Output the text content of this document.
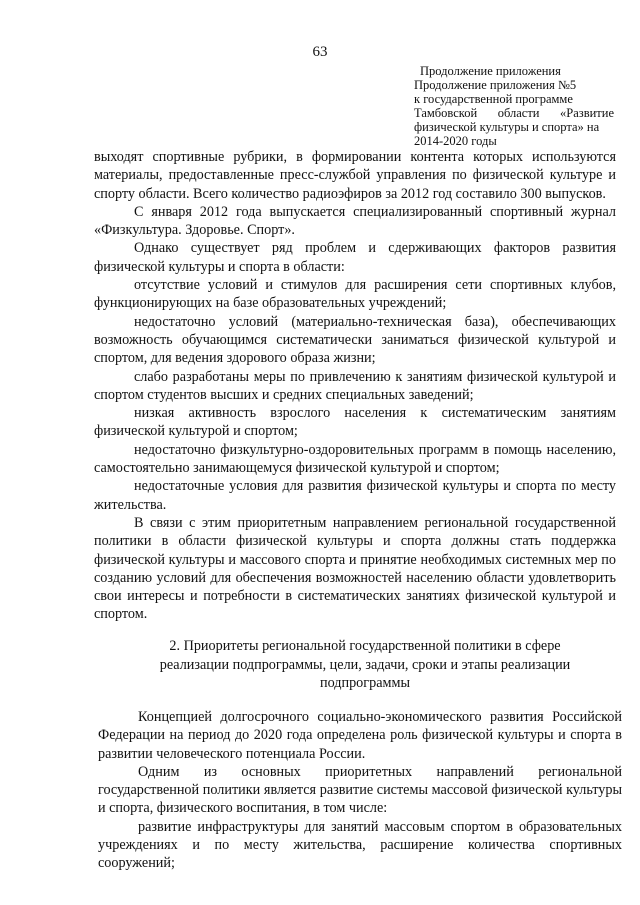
63
Продолжение приложения
Продолжение приложения №5
к государственной программе
Тамбовской области «Развитие
физической культуры и спорта» на
2014-2020 годы

выходят спортивные рубрики, в формировании контента которых используются материалы, предоставленные пресс-службой управления по физической культуре и спорту области. Всего количество радиоэфиров за 2012 год составило 300 выпусков.

С января 2012 года выпускается специализированный спортивный журнал «Физкультура. Здоровье. Спорт».

Однако существует ряд проблем и сдерживающих факторов развития физической культуры и спорта в области:

отсутствие условий и стимулов для расширения сети спортивных клубов, функционирующих на базе образовательных учреждений;

недостаточно условий (материально-техническая база), обеспечивающих возможность обучающимся систематически заниматься физической культурой и спортом, для ведения здорового образа жизни;

слабо разработаны меры по привлечению к занятиям физической культурой и спортом студентов высших и средних специальных заведений;

низкая активность взрослого населения к систематическим занятиям физической культурой и спортом;

недостаточно физкультурно-оздоровительных программ в помощь населению, самостоятельно занимающемуся физической культурой и спортом;

недостаточные условия для развития физической культуры и спорта по месту жительства.

В связи с этим приоритетным направлением региональной государственной политики в области физической культуры и спорта должны стать поддержка физической культуры и массового спорта и принятие необходимых системных мер по созданию условий для обеспечения возможностей населению области удовлетворить свои интересы и потребности в систематических занятиях физической культурой и спортом.

2. Приоритеты региональной государственной политики в сфере
реализации подпрограммы, цели, задачи, сроки и этапы реализации
подпрограммы

Концепцией долгосрочного социально-экономического развития Российской Федерации на период до 2020 года определена роль физической культуры и спорта в развитии человеческого потенциала России.

Одним из основных приоритетных направлений региональной государственной политики является развитие системы массовой физической культуры и спорта, физического воспитания, в том числе:

развитие инфраструктуры для занятий массовым спортом в образовательных учреждениях и по месту жительства, расширение количества спортивных сооружений;
